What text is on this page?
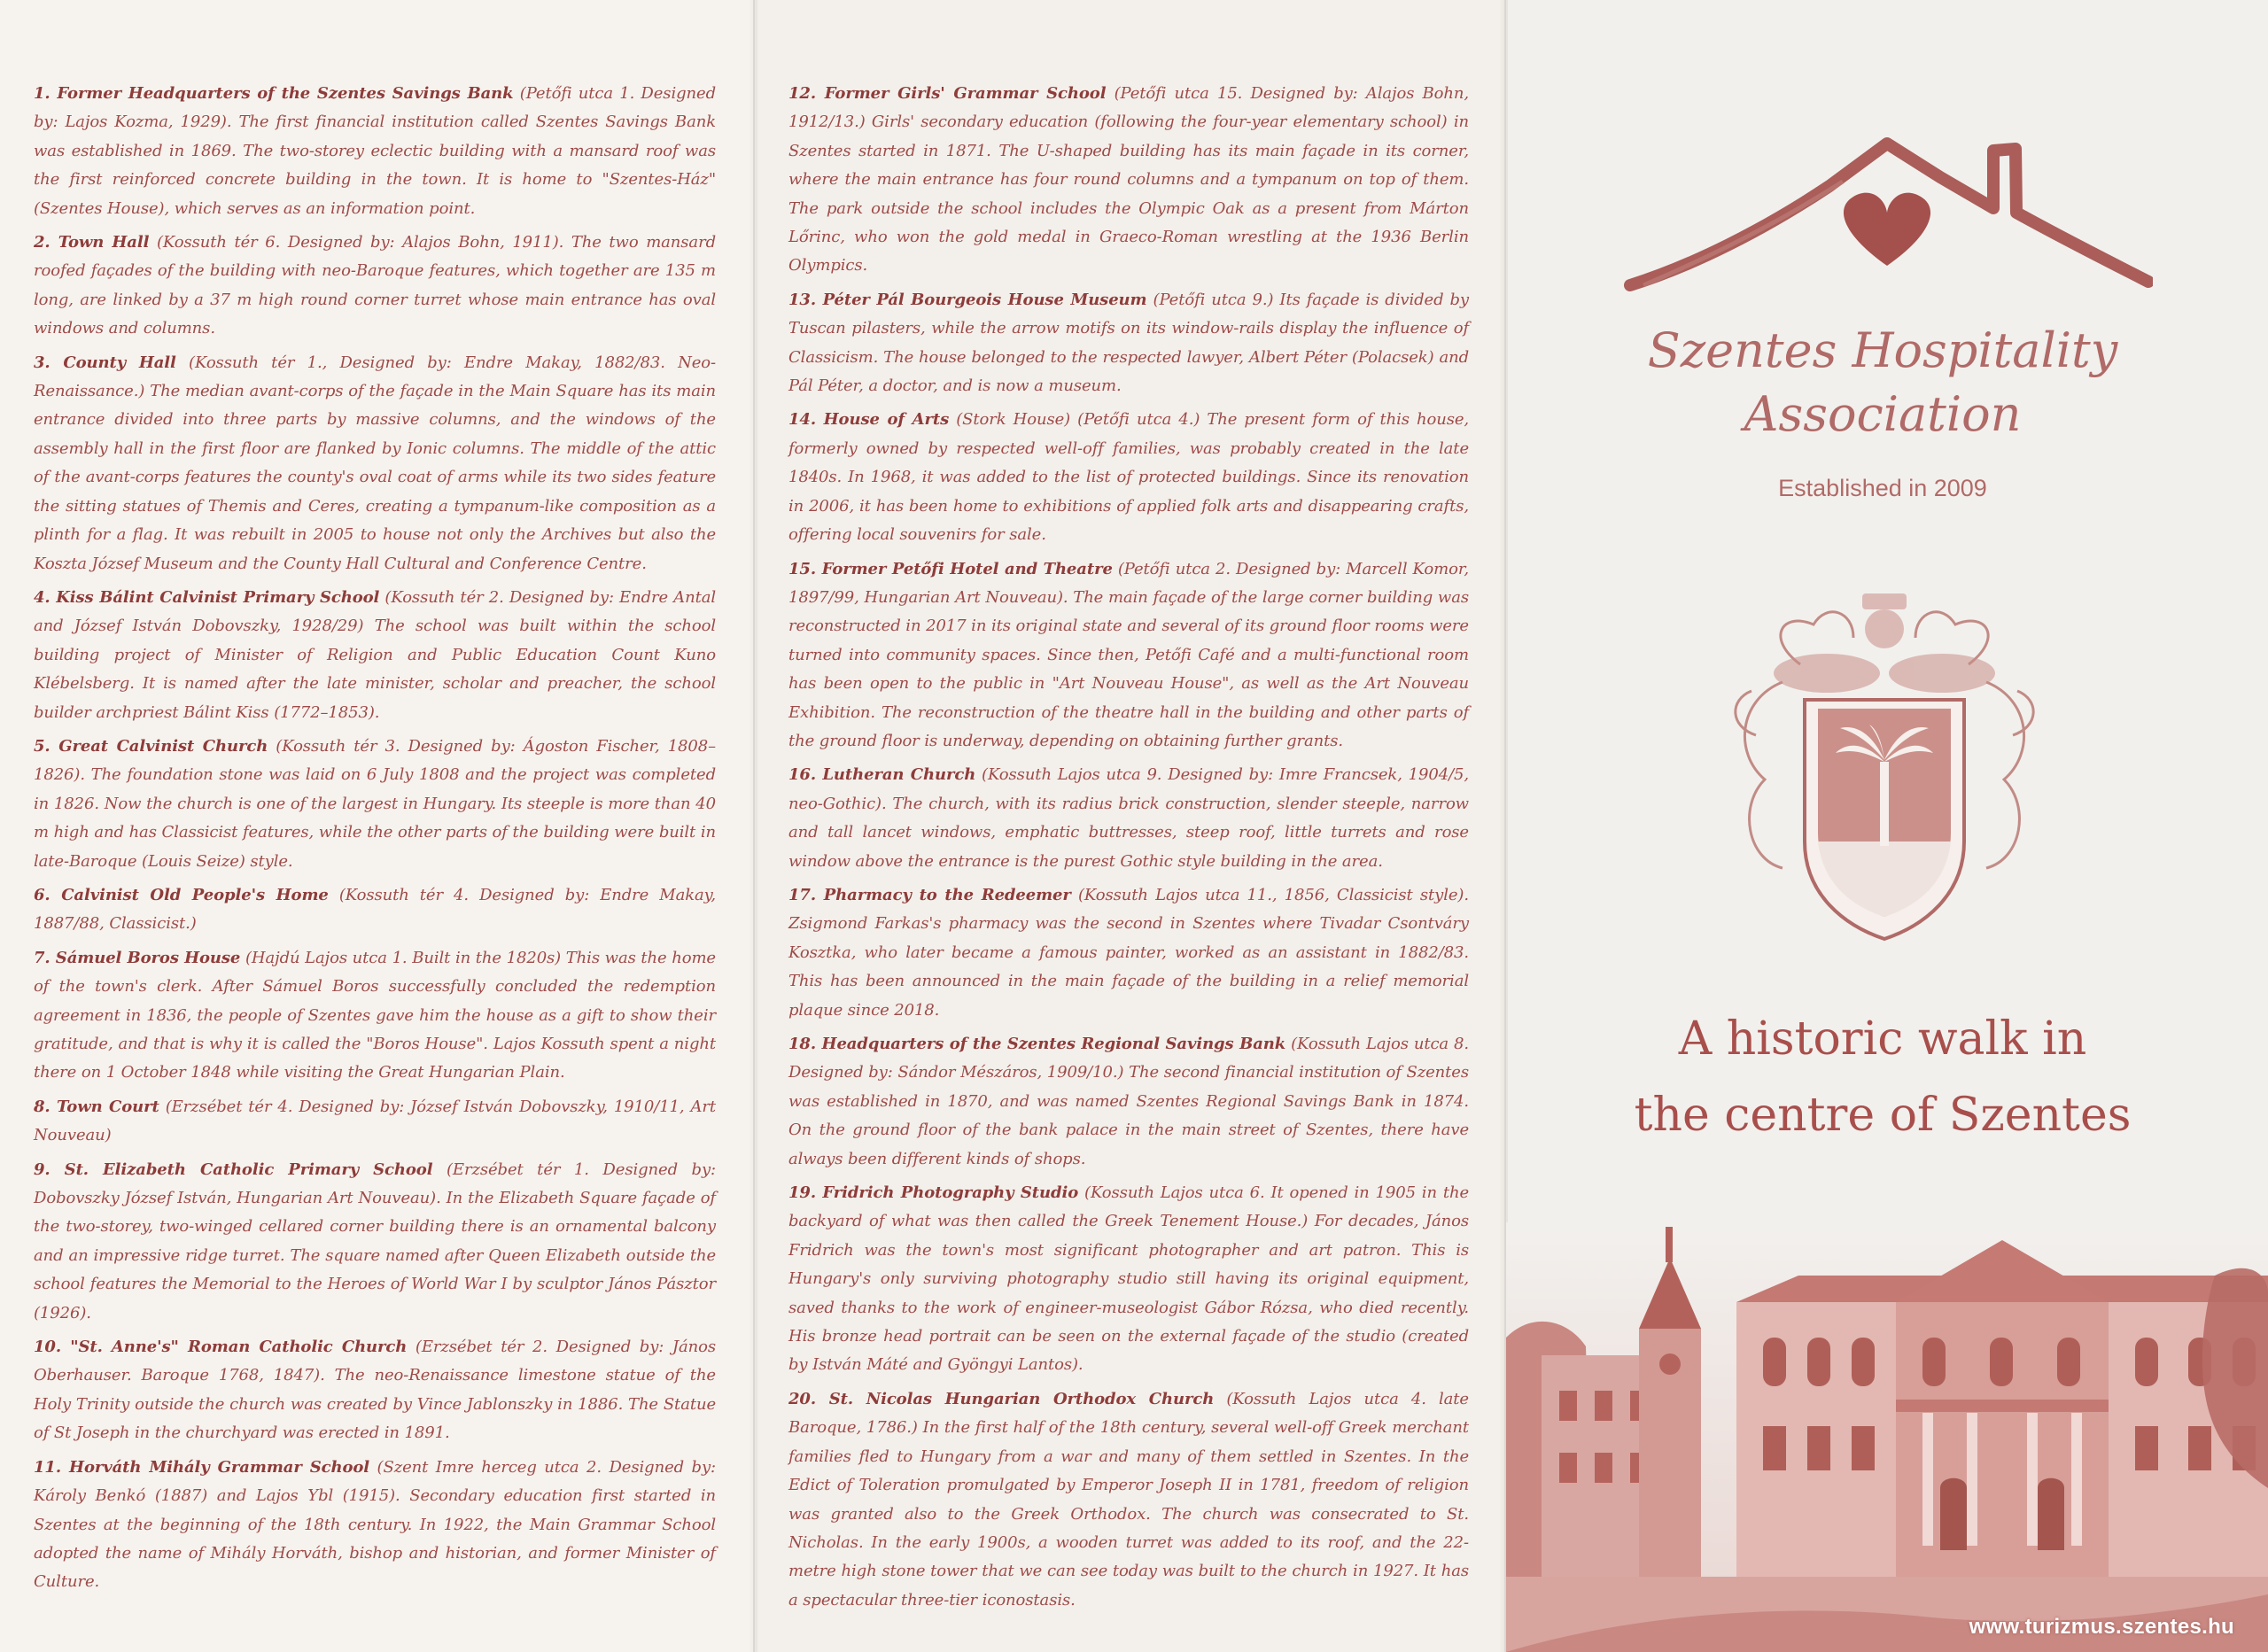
1. Former Headquarters of the Szentes Savings Bank (Petőfi utca 1. Designed by: Lajos Kozma, 1929). The first financial institution called Szentes Savings Bank was established in 1869. The two-storey eclectic building with a mansard roof was the first reinforced concrete building in the town. It is home to "Szentes-Ház" (Szentes House), which serves as an information point.

2. Town Hall (Kossuth tér 6. Designed by: Alajos Bohn, 1911). The two mansard roofed façades of the building with neo-Baroque features, which together are 135 m long, are linked by a 37 m high round corner turret whose main entrance has oval windows and columns.

3. County Hall (Kossuth tér 1., Designed by: Endre Makay, 1882/83. Neo-Renaissance.) The median avant-corps of the façade in the Main Square has its main entrance divided into three parts by massive columns, and the windows of the assembly hall in the first floor are flanked by Ionic columns. The middle of the attic of the avant-corps features the county's oval coat of arms while its two sides feature the sitting statues of Themis and Ceres, creating a tympanum-like composition as a plinth for a flag. It was rebuilt in 2005 to house not only the Archives but also the Koszta József Museum and the County Hall Cultural and Conference Centre.

4. Kiss Bálint Calvinist Primary School (Kossuth tér 2. Designed by: Endre Antal and József István Dobovszky, 1928/29) The school was built within the school building project of Minister of Religion and Public Education Count Kuno Klébelsberg. It is named after the late minister, scholar and preacher, the school builder archpriest Bálint Kiss (1772–1853).

5. Great Calvinist Church (Kossuth tér 3. Designed by: Ágoston Fischer, 1808–1826). The foundation stone was laid on 6 July 1808 and the project was completed in 1826. Now the church is one of the largest in Hungary. Its steeple is more than 40 m high and has Classicist features, while the other parts of the building were built in late-Baroque (Louis Seize) style.

6. Calvinist Old People's Home (Kossuth tér 4. Designed by: Endre Makay, 1887/88, Classicist.)

7. Sámuel Boros House (Hajdú Lajos utca 1. Built in the 1820s) This was the home of the town's clerk. After Sámuel Boros successfully concluded the redemption agreement in 1836, the people of Szentes gave him the house as a gift to show their gratitude, and that is why it is called the "Boros House". Lajos Kossuth spent a night there on 1 October 1848 while visiting the Great Hungarian Plain.

8. Town Court (Erzsébet tér 4. Designed by: József István Dobovszky, 1910/11, Art Nouveau)

9. St. Elizabeth Catholic Primary School (Erzsébet tér 1. Designed by: Dobovszky József István, Hungarian Art Nouveau). In the Elizabeth Square façade of the two-storey, two-winged cellared corner building there is an ornamental balcony and an impressive ridge turret. The square named after Queen Elizabeth outside the school features the Memorial to the Heroes of World War I by sculptor János Pásztor (1926).

10. "St. Anne's" Roman Catholic Church (Erzsébet tér 2. Designed by: János Oberhauser. Baroque 1768, 1847). The neo-Renaissance limestone statue of the Holy Trinity outside the church was created by Vince Jablonszky in 1886. The Statue of St Joseph in the churchyard was erected in 1891.

11. Horváth Mihály Grammar School (Szent Imre herceg utca 2. Designed by: Károly Benkó (1887) and Lajos Ybl (1915). Secondary education first started in Szentes at the beginning of the 18th century. In 1922, the Main Grammar School adopted the name of Mihály Horváth, bishop and historian, and former Minister of Culture.

12. Former Girls' Grammar School (Petőfi utca 15. Designed by: Alajos Bohn, 1912/13.) Girls' secondary education (following the four-year elementary school) in Szentes started in 1871. The U-shaped building has its main façade in its corner, where the main entrance has four round columns and a tympanum on top of them. The park outside the school includes the Olympic Oak as a present from Márton Lőrinc, who won the gold medal in Graeco-Roman wrestling at the 1936 Berlin Olympics.

13. Péter Pál Bourgeois House Museum (Petőfi utca 9.) Its façade is divided by Tuscan pilasters, while the arrow motifs on its window-rails display the influence of Classicism. The house belonged to the respected lawyer, Albert Péter (Polacsek) and Pál Péter, a doctor, and is now a museum.

14. House of Arts (Stork House) (Petőfi utca 4.) The present form of this house, formerly owned by respected well-off families, was probably created in the late 1840s. In 1968, it was added to the list of protected buildings. Since its renovation in 2006, it has been home to exhibitions of applied folk arts and disappearing crafts, offering local souvenirs for sale.

15. Former Petőfi Hotel and Theatre (Petőfi utca 2. Designed by: Marcell Komor, 1897/99, Hungarian Art Nouveau). The main façade of the large corner building was reconstructed in 2017 in its original state and several of its ground floor rooms were turned into community spaces. Since then, Petőfi Café and a multi-functional room has been open to the public in "Art Nouveau House", as well as the Art Nouveau Exhibition. The reconstruction of the theatre hall in the building and other parts of the ground floor is underway, depending on obtaining further grants.

16. Lutheran Church (Kossuth Lajos utca 9. Designed by: Imre Francsek, 1904/5, neo-Gothic). The church, with its radius brick construction, slender steeple, narrow and tall lancet windows, emphatic buttresses, steep roof, little turrets and rose window above the entrance is the purest Gothic style building in the area.

17. Pharmacy to the Redeemer (Kossuth Lajos utca 11., 1856, Classicist style). Zsigmond Farkas's pharmacy was the second in Szentes where Tivadar Csontváry Kosztka, who later became a famous painter, worked as an assistant in 1882/83. This has been announced in the main façade of the building in a relief memorial plaque since 2018.

18. Headquarters of the Szentes Regional Savings Bank (Kossuth Lajos utca 8. Designed by: Sándor Mészáros, 1909/10.) The second financial institution of Szentes was established in 1870, and was named Szentes Regional Savings Bank in 1874. On the ground floor of the bank palace in the main street of Szentes, there have always been different kinds of shops.

19. Fridrich Photography Studio (Kossuth Lajos utca 6. It opened in 1905 in the backyard of what was then called the Greek Tenement House.) For decades, János Fridrich was the town's most significant photographer and art patron. This is Hungary's only surviving photography studio still having its original equipment, saved thanks to the work of engineer-museologist Gábor Rózsa, who died recently. His bronze head portrait can be seen on the external façade of the studio (created by István Máté and Gyöngyi Lantos).

20. St. Nicolas Hungarian Orthodox Church (Kossuth Lajos utca 4. late Baroque, 1786.) In the first half of the 18th century, several well-off Greek merchant families fled to Hungary from a war and many of them settled in Szentes. In the Edict of Toleration promulgated by Emperor Joseph II in 1781, freedom of religion was granted also to the Greek Orthodox. The church was consecrated to St. Nicholas. In the early 1900s, a wooden turret was added to its roof, and the 22-metre high stone tower that we can see today was built to the church in 1927. It has a spectacular three-tier iconostasis.

Szentes Hospitality
Association
Established in 2009
A historic walk in
the centre of Szentes
www.turizmus.szentes.hu
